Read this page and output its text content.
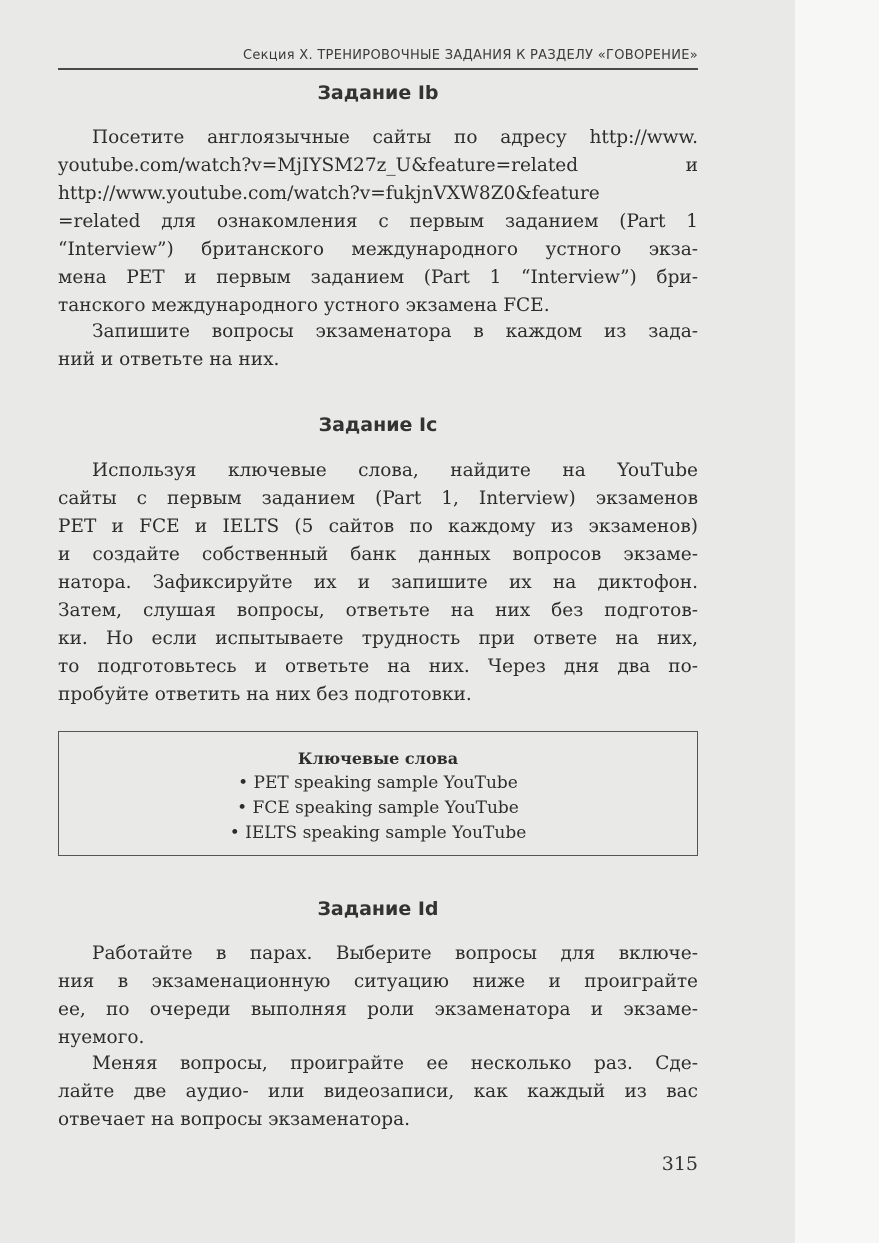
Секция X. ТРЕНИРОВОЧНЫЕ ЗАДАНИЯ К РАЗДЕЛУ «ГОВОРЕНИЕ»
Задание Ib
Посетите англоязычные сайты по адресу http://www.
youtube.com/watch?v=MjIYSM27z_U&feature=related и
http://www.youtube.com/watch?v=fukjnVXW8Z0&feature
=related для ознакомления с первым заданием (Part 1
“Interview”) британского международного устного экза-
мена PET и первым заданием (Part 1 “Interview”) бри-
танского международного устного экзамена FCE.
Запишите вопросы экзаменатора в каждом из зада-
ний и ответьте на них.
Задание Ic
Используя ключевые слова, найдите на YouTube
сайты с первым заданием (Part 1, Interview) экзаменов
PET и FCE и IELTS (5 сайтов по каждому из экзаменов)
и создайте собственный банк данных вопросов экзаме-
натора. Зафиксируйте их и запишите их на диктофон.
Затем, слушая вопросы, ответьте на них без подготов-
ки. Но если испытываете трудность при ответе на них,
то подготовьтесь и ответьте на них. Через дня два по-
пробуйте ответить на них без подготовки.
Ключевые слова
• PET speaking sample YouTube
• FCE speaking sample YouTube
• IELTS speaking sample YouTube
Задание Id
Работайте в парах. Выберите вопросы для включе-
ния в экзаменационную ситуацию ниже и проиграйте
ее, по очереди выполняя роли экзаменатора и экзаме-
нуемого.
Меняя вопросы, проиграйте ее несколько раз. Сде-
лайте две аудио- или видеозаписи, как каждый из вас
отвечает на вопросы экзаменатора.
315
